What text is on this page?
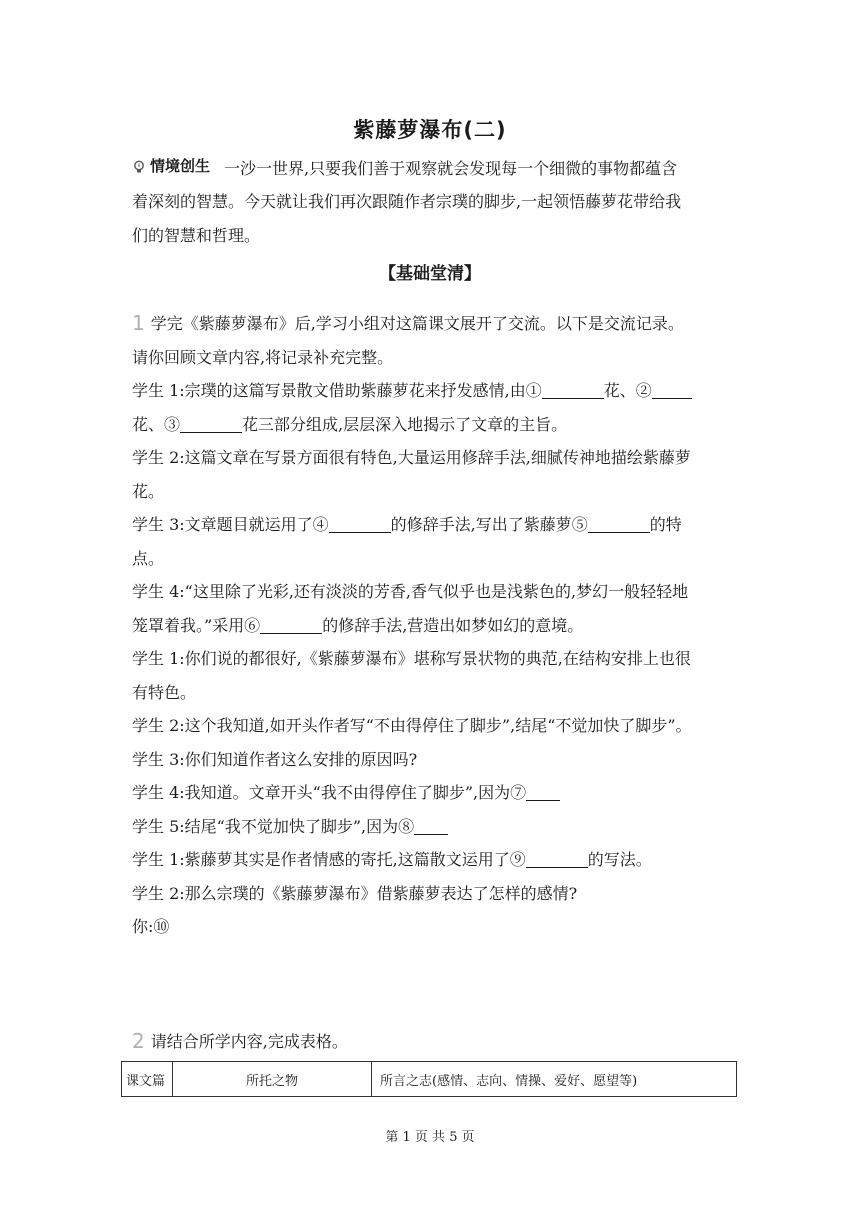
紫藤萝瀑布(二)
情境创生 一沙一世界,只要我们善于观察就会发现每一个细微的事物都蕴含
着深刻的智慧。今天就让我们再次跟随作者宗璞的脚步,一起领悟藤萝花带给我
们的智慧和哲理。
【基础堂清】
1 学完《紫藤萝瀑布》后,学习小组对这篇课文展开了交流。以下是交流记录。
请你回顾文章内容,将记录补充完整。
学生 1:宗璞的这篇写景散文借助紫藤萝花来抒发感情,由①	花、②
花、③	花三部分组成,层层深入地揭示了文章的主旨。
学生 2:这篇文章在写景方面很有特色,大量运用修辞手法,细腻传神地描绘紫藤萝
花。
学生 3:文章题目就运用了④	的修辞手法,写出了紫藤萝⑤	的特
点。
学生 4:“这里除了光彩,还有淡淡的芳香,香气似乎也是浅紫色的,梦幻一般轻轻地
笼罩着我。”采用⑥	的修辞手法,营造出如梦如幻的意境。
学生 1:你们说的都很好,《紫藤萝瀑布》堪称写景状物的典范,在结构安排上也很
有特色。
学生 2:这个我知道,如开头作者写“不由得停住了脚步”,结尾“不觉加快了脚步”。
学生 3:你们知道作者这么安排的原因吗?
学生 4:我知道。文章开头“我不由得停住了脚步”,因为⑦
学生 5:结尾“我不觉加快了脚步”,因为⑧
学生 1:紫藤萝其实是作者情感的寄托,这篇散文运用了⑨	的写法。
学生 2:那么宗璞的《紫藤萝瀑布》借紫藤萝表达了怎样的感情?
你:⑩
2 请结合所学内容,完成表格。
课文篇	所托之物	所言之志(感情、志向、情操、爱好、愿望等)
第 1 页 共 5 页
